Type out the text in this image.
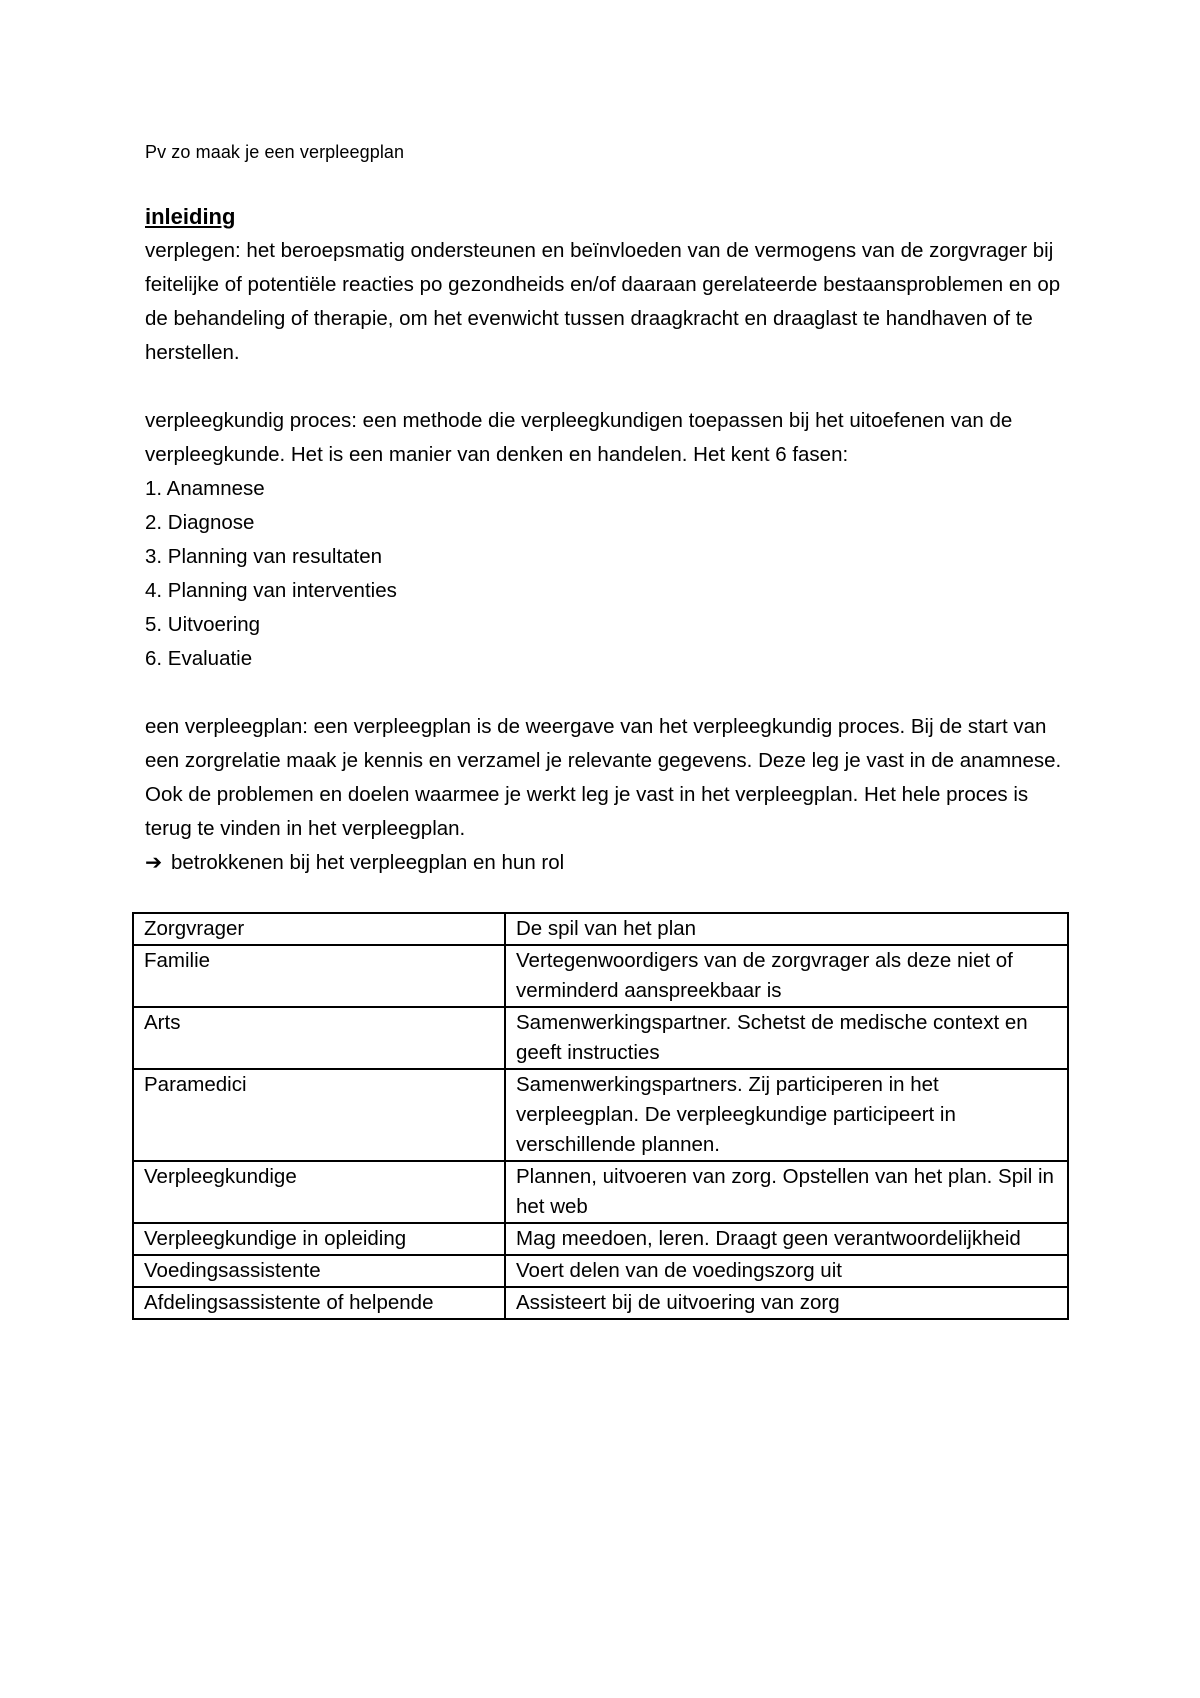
Pv zo maak je een verpleegplan

inleiding

verplegen: het beroepsmatig ondersteunen en beïnvloeden van de vermogens van de zorgvrager bij feitelijke of potentiële reacties po gezondheids en/of daaraan gerelateerde bestaansproblemen en op de behandeling of therapie, om het evenwicht tussen draagkracht en draaglast te handhaven of te herstellen.

verpleegkundig proces: een methode die verpleegkundigen toepassen bij het uitoefenen van de verpleegkunde. Het is een manier van denken en handelen. Het kent 6 fasen:

1. Anamnese
2. Diagnose
3. Planning van resultaten
4. Planning van interventies
5. Uitvoering
6. Evaluatie

een verpleegplan: een verpleegplan is de weergave van het verpleegkundig proces. Bij de start van een zorgrelatie maak je kennis en verzamel je relevante gegevens. Deze leg je vast in de anamnese. Ook de problemen en doelen waarmee je werkt leg je vast in het verpleegplan. Het hele proces is terug te vinden in het verpleegplan.

➔ betrokkenen bij het verpleegplan en hun rol

Zorgvrager	De spil van het plan
Familie	Vertegenwoordigers van de zorgvrager als deze niet of verminderd aanspreekbaar is
Arts	Samenwerkingspartner. Schetst de medische context en geeft instructies
Paramedici	Samenwerkingspartners. Zij participeren in het verpleegplan. De verpleegkundige participeert in verschillende plannen.
Verpleegkundige	Plannen, uitvoeren van zorg. Opstellen van het plan. Spil in het web
Verpleegkundige in opleiding	Mag meedoen, leren. Draagt geen verantwoordelijkheid
Voedingsassistente	Voert delen van de voedingszorg uit
Afdelingsassistente of helpende	Assisteert bij de uitvoering van zorg
